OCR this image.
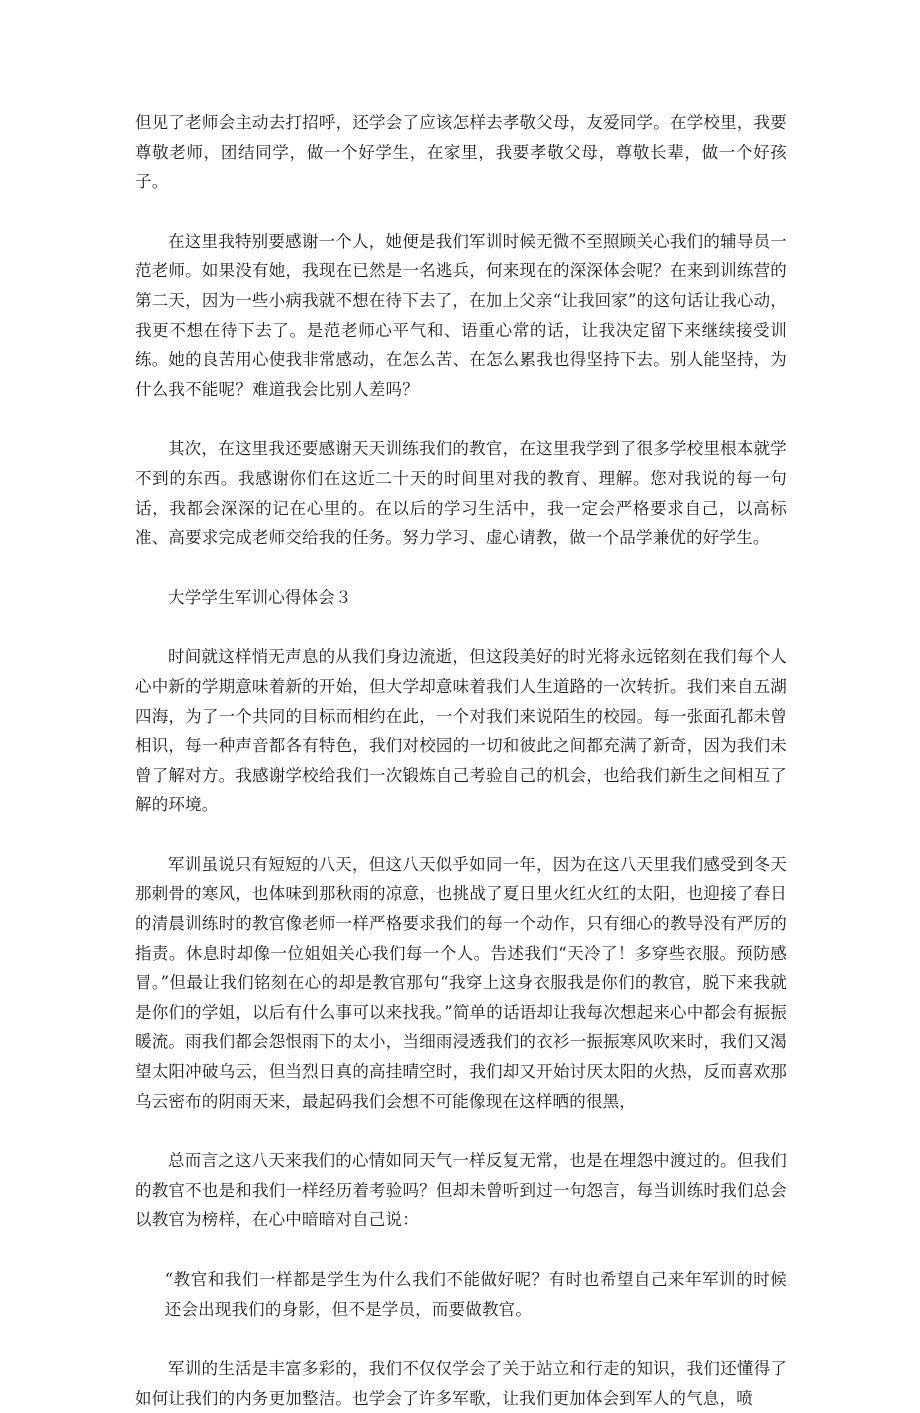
但见了老师会主动去打招呼，还学会了应该怎样去孝敬父母，友爱同学。在学校里，我要尊敬老师，团结同学，做一个好学生，在家里，我要孝敬父母，尊敬长辈，做一个好孩子。

在这里我特别要感谢一个人，她便是我们军训时候无微不至照顾关心我们的辅导员一范老师。如果没有她，我现在已然是一名逃兵，何来现在的深深体会呢？在来到训练营的第二天，因为一些小病我就不想在待下去了，在加上父亲“让我回家”的这句话让我心动，我更不想在待下去了。是范老师心平气和、语重心常的话，让我决定留下来继续接受训练。她的良苦用心使我非常感动，在怎么苦、在怎么累我也得坚持下去。别人能坚持，为什么我不能呢？难道我会比别人差吗？

其次，在这里我还要感谢天天训练我们的教官，在这里我学到了很多学校里根本就学不到的东西。我感谢你们在这近二十天的时间里对我的教育、理解。您对我说的每一句话，我都会深深的记在心里的。在以后的学习生活中，我一定会严格要求自己，以高标准、高要求完成老师交给我的任务。努力学习、虚心请教，做一个品学兼优的好学生。

大学学生军训心得体会３

时间就这样悄无声息的从我们身边流逝，但这段美好的时光将永远铭刻在我们每个人心中新的学期意味着新的开始，但大学却意味着我们人生道路的一次转折。我们来自五湖四海，为了一个共同的目标而相约在此，一个对我们来说陌生的校园。每一张面孔都未曾相识，每一种声音都各有特色，我们对校园的一切和彼此之间都充满了新奇，因为我们未曾了解对方。我感谢学校给我们一次锻炼自己考验自己的机会，也给我们新生之间相互了解的环境。

军训虽说只有短短的八天，但这八天似乎如同一年，因为在这八天里我们感受到冬天那刺骨的寒风，也体味到那秋雨的凉意，也挑战了夏日里火红火红的太阳，也迎接了春日的清晨训练时的教官像老师一样严格要求我们的每一个动作，只有细心的教导没有严厉的指责。休息时却像一位姐姐关心我们每一个人。告述我们“天冷了！多穿些衣服。预防感冒。”但最让我们铭刻在心的却是教官那句“我穿上这身衣服我是你们的教官，脱下来我就是你们的学姐，以后有什么事可以来找我。”简单的话语却让我每次想起来心中都会有振振暖流。雨我们都会怨恨雨下的太小，当细雨浸透我们的衣衫一振振寒风吹来时，我们又渴望太阳冲破乌云，但当烈日真的高挂晴空时，我们却又开始讨厌太阳的火热，反而喜欢那乌云密布的阴雨天来，最起码我们会想不可能像现在这样晒的很黑，

总而言之这八天来我们的心情如同天气一样反复无常，也是在埋怨中渡过的。但我们的教官不也是和我们一样经历着考验吗？但却未曾听到过一句怨言，每当训练时我们总会以教官为榜样，在心中暗暗对自己说：

“教官和我们一样都是学生为什么我们不能做好呢？有时也希望自己来年军训的时候还会出现我们的身影，但不是学员，而要做教官。

军训的生活是丰富多彩的，我们不仅仅学会了关于站立和行走的知识，我们还懂得了如何让我们的内务更加整洁。也学会了许多军歌，让我们更加体会到军人的气息，喷
